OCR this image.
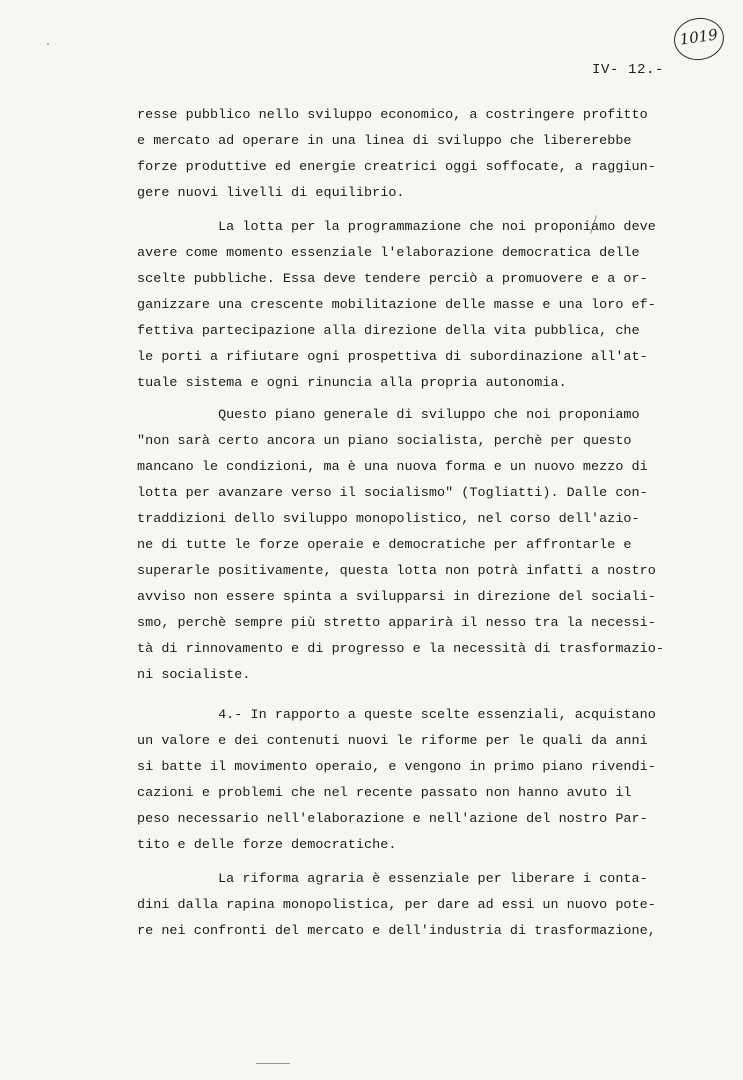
1019
IV- 12.-
resse pubblico nello sviluppo economico, a costringere profitto
e mercato ad operare in una linea di sviluppo che libererebbe
forze produttive ed energie creatrici oggi soffocate, a raggiun-
gere nuovi livelli di equilibrio.
La lotta per la programmazione che noi proponiamo deve
avere come momento essenziale l'elaborazione democratica delle
scelte pubbliche. Essa deve tendere perciò a promuovere e a or-
ganizzare una crescente mobilitazione delle masse e una loro ef-
fettiva partecipazione alla direzione della vita pubblica, che
le porti a rifiutare ogni prospettiva di subordinazione all'at-
tuale sistema e ogni rinuncia alla propria autonomia.
Questo piano generale di sviluppo che noi proponiamo
"non sarà certo ancora un piano socialista, perchè per questo
mancano le condizioni, ma è una nuova forma e un nuovo mezzo di
lotta per avanzare verso il socialismo" (Togliatti). Dalle con-
traddizioni dello sviluppo monopolistico, nel corso dell'azio-
ne di tutte le forze operaie e democratiche per affrontarle e
superarle positivamente, questa lotta non potrà infatti a nostro
avviso non essere spinta a svilupparsi in direzione del sociali-
smo, perchè sempre più stretto apparirà il nesso tra la necessi-
tà di rinnovamento e di progresso e la necessità di trasformazio-
ni socialiste.
4.- In rapporto a queste scelte essenziali, acquistano
un valore e dei contenuti nuovi le riforme per le quali da anni
si batte il movimento operaio, e vengono in primo piano rivendi-
cazioni e problemi che nel recente passato non hanno avuto il
peso necessario nell'elaborazione e nell'azione del nostro Par-
tito e delle forze democratiche.
La riforma agraria è essenziale per liberare i conta-
dini dalla rapina monopolistica, per dare ad essi un nuovo pote-
re nei confronti del mercato e dell'industria di trasformazione,
